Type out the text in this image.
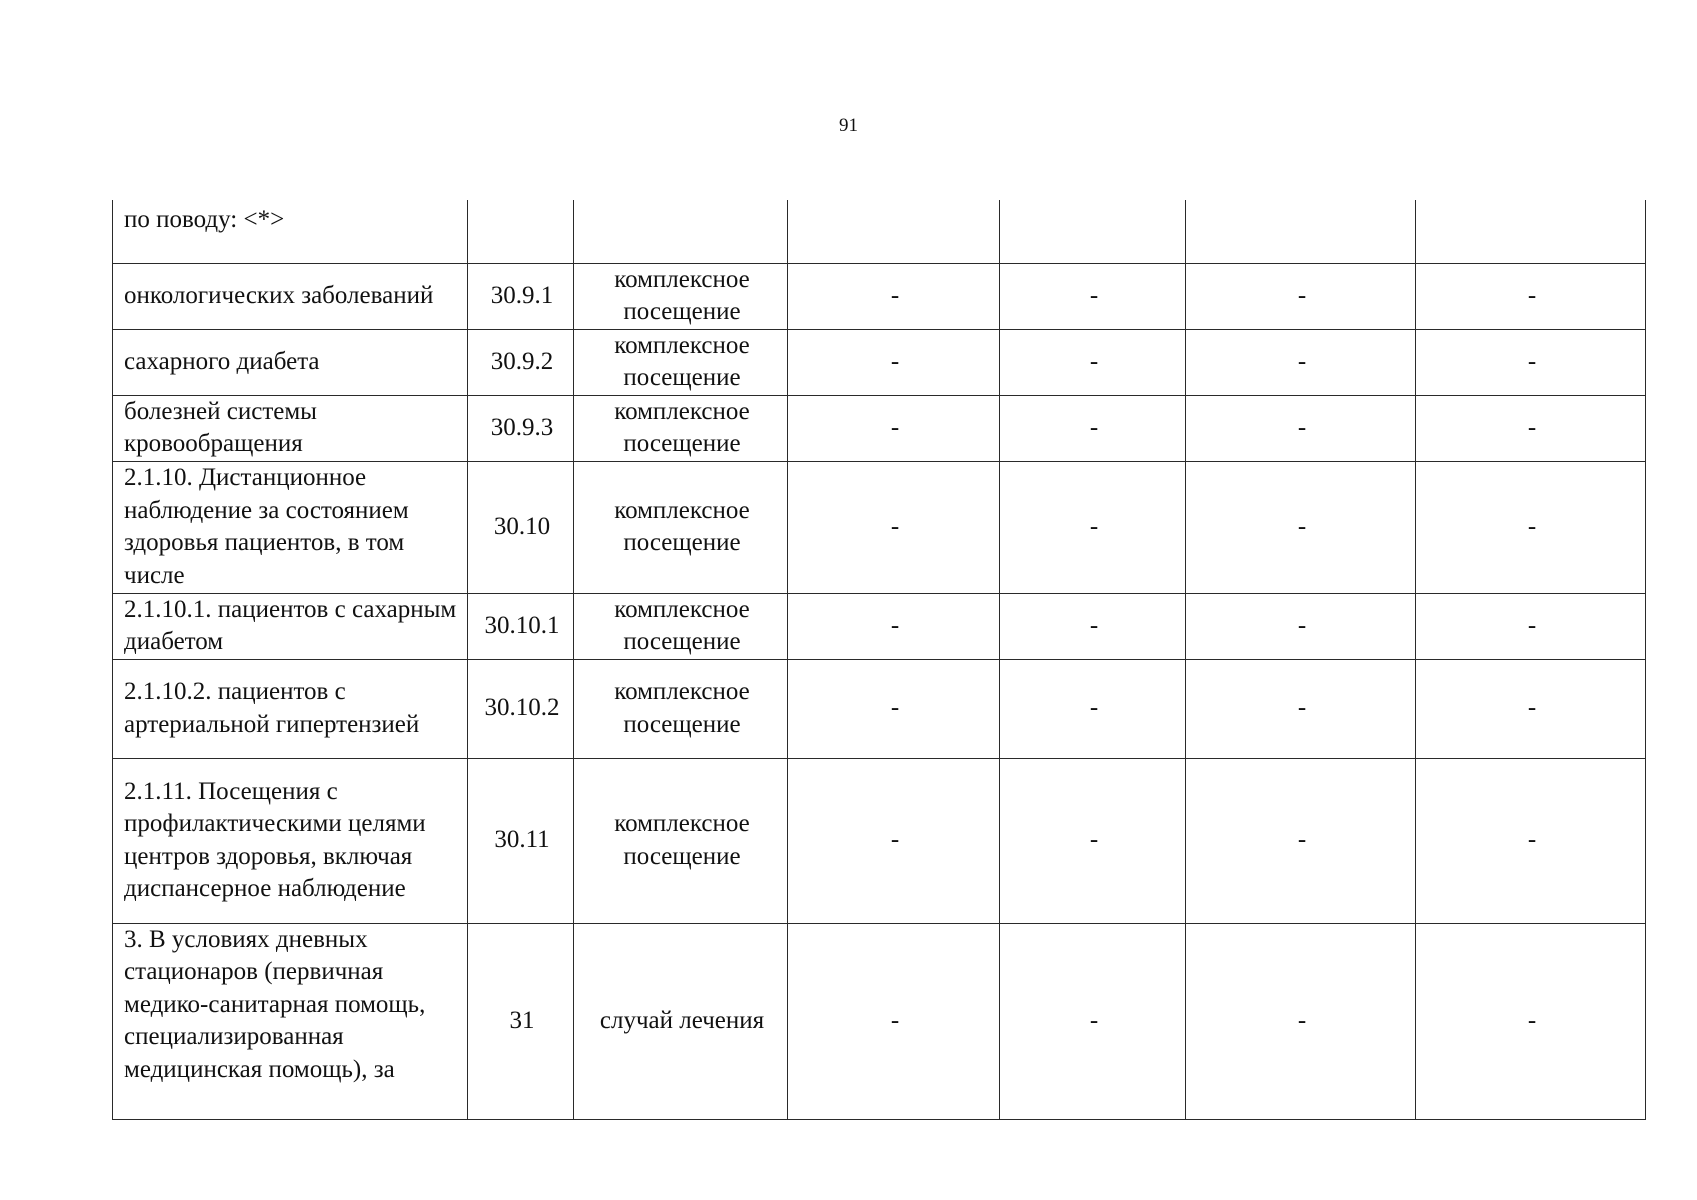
91
по поводу: <*>						
онкологических заболеваний	30.9.1	комплексное посещение	-	-	-	-
сахарного диабета	30.9.2	комплексное посещение	-	-	-	-
болезней системы кровообращения	30.9.3	комплексное посещение	-	-	-	-
2.1.10. Дистанционное наблюдение за состоянием здоровья пациентов, в том числе	30.10	комплексное посещение	-	-	-	-
2.1.10.1. пациентов с сахарным диабетом	30.10.1	комплексное посещение	-	-	-	-
2.1.10.2. пациентов с артериальной гипертензией	30.10.2	комплексное посещение	-	-	-	-
2.1.11. Посещения с профилактическими целями центров здоровья, включая диспансерное наблюдение	30.11	комплексное посещение	-	-	-	-
3. В условиях дневных стационаров (первичная медико-санитарная помощь, специализированная медицинская помощь), за	31	случай лечения	-	-	-	-
